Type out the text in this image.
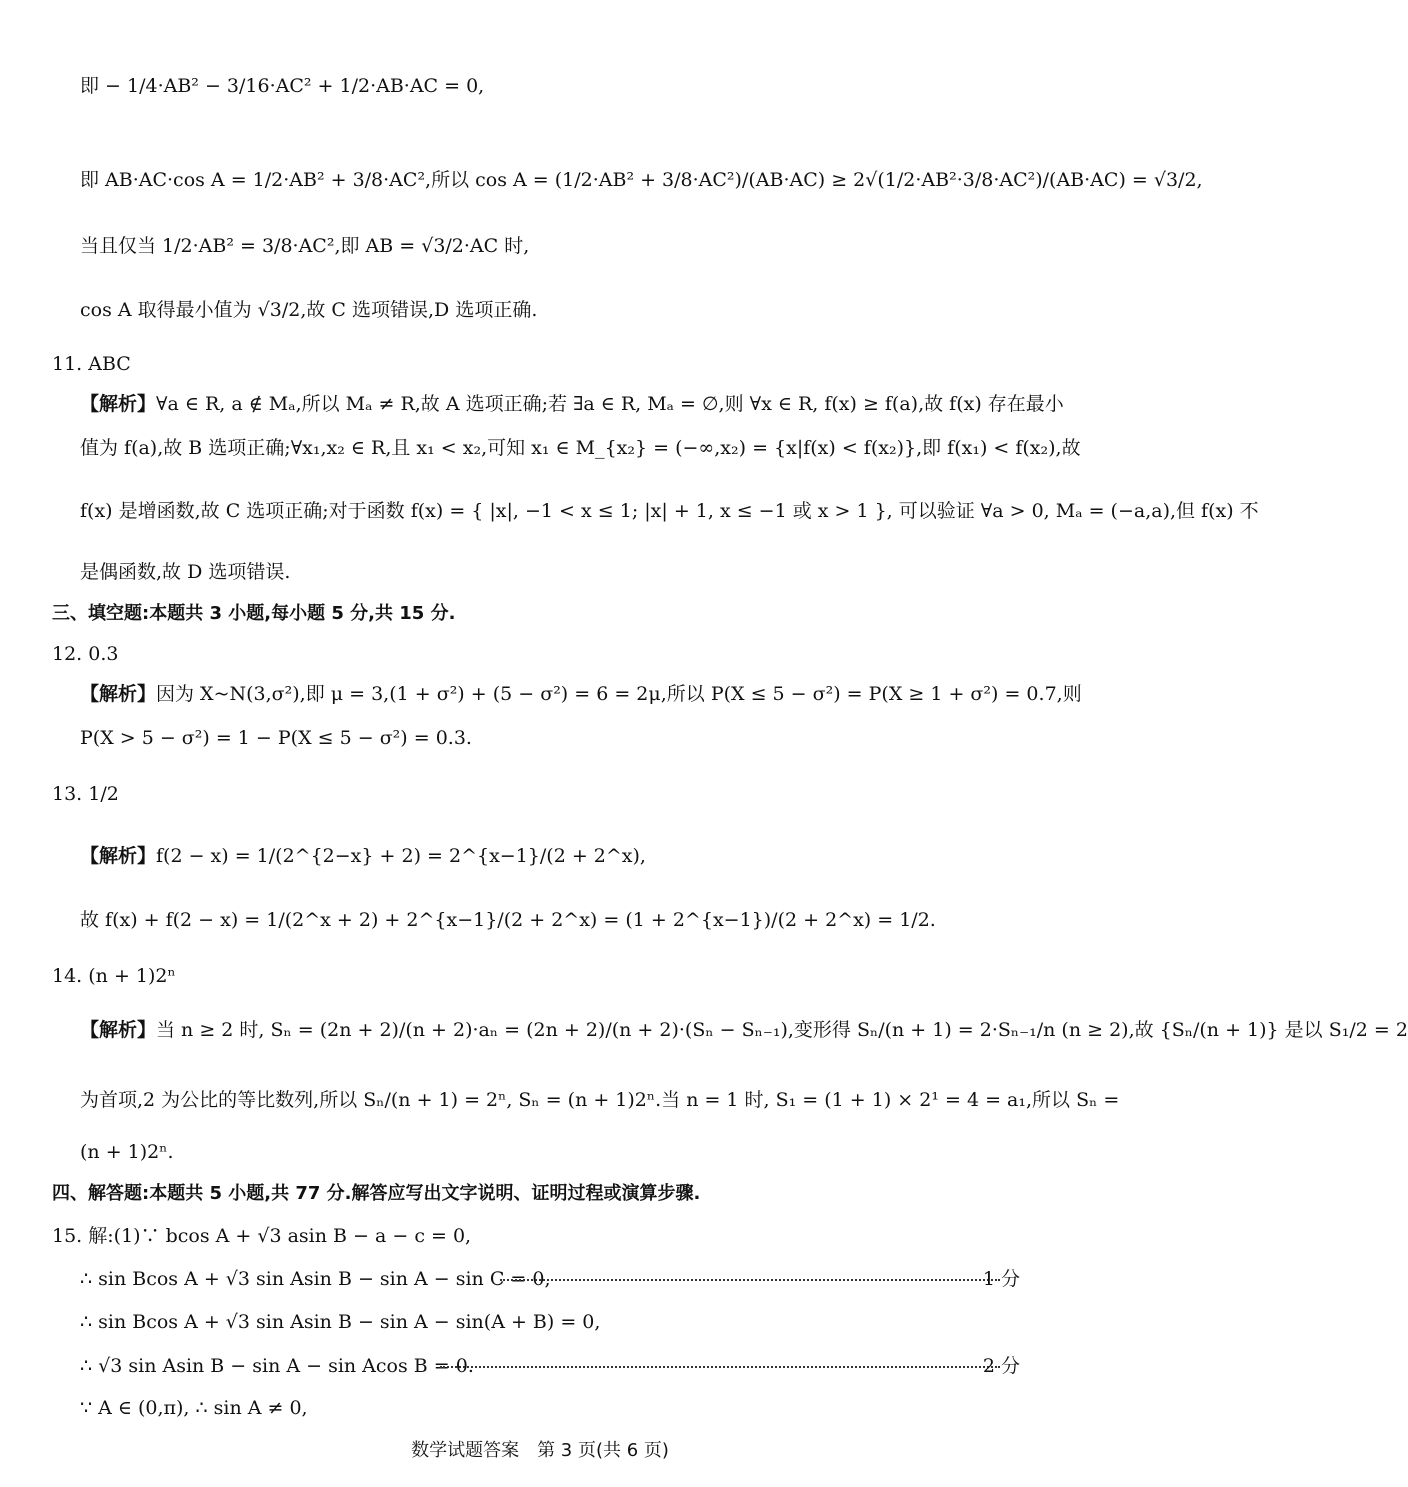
即 − 1/4·AB² − 3/16·AC² + 1/2·AB·AC = 0,
即 AB·AC·cos A = 1/2·AB² + 3/8·AC²,所以 cos A = (1/2·AB² + 3/8·AC²)/(AB·AC) ≥ 2√(1/2·AB²·3/8·AC²)/(AB·AC) = √3/2,
当且仅当 1/2·AB² = 3/8·AC²,即 AB = √3/2·AC 时,
cos A 取得最小值为 √3/2,故 C 选项错误,D 选项正确.
11. ABC
【解析】∀a ∈ R, a ∉ Mₐ,所以 Mₐ ≠ R,故 A 选项正确;若 ∃a ∈ R, Mₐ = ∅,则 ∀x ∈ R, f(x) ≥ f(a),故 f(x) 存在最小
值为 f(a),故 B 选项正确;∀x₁,x₂ ∈ R,且 x₁ < x₂,可知 x₁ ∈ M_{x₂} = (−∞,x₂) = {x|f(x) < f(x₂)},即 f(x₁) < f(x₂),故
f(x) 是增函数,故 C 选项正确;对于函数 f(x) = { |x|, −1 < x ≤ 1; |x| + 1, x ≤ −1 或 x > 1 }, 可以验证 ∀a > 0, Mₐ = (−a,a),但 f(x) 不
是偶函数,故 D 选项错误.
三、填空题:本题共 3 小题,每小题 5 分,共 15 分.
12. 0.3
【解析】因为 X~N(3,σ²),即 μ = 3,(1 + σ²) + (5 − σ²) = 6 = 2μ,所以 P(X ≤ 5 − σ²) = P(X ≥ 1 + σ²) = 0.7,则
P(X > 5 − σ²) = 1 − P(X ≤ 5 − σ²) = 0.3.
13. 1/2
【解析】f(2 − x) = 1/(2^{2−x} + 2) = 2^{x−1}/(2 + 2^x),
故 f(x) + f(2 − x) = 1/(2^x + 2) + 2^{x−1}/(2 + 2^x) = (1 + 2^{x−1})/(2 + 2^x) = 1/2.
14. (n + 1)2ⁿ
【解析】当 n ≥ 2 时, Sₙ = (2n + 2)/(n + 2)·aₙ = (2n + 2)/(n + 2)·(Sₙ − Sₙ₋₁),变形得 Sₙ/(n + 1) = 2·Sₙ₋₁/n (n ≥ 2),故 {Sₙ/(n + 1)} 是以 S₁/2 = 2
为首项,2 为公比的等比数列,所以 Sₙ/(n + 1) = 2ⁿ, Sₙ = (n + 1)2ⁿ.当 n = 1 时, S₁ = (1 + 1) × 2¹ = 4 = a₁,所以 Sₙ =
(n + 1)2ⁿ.
四、解答题:本题共 5 小题,共 77 分.解答应写出文字说明、证明过程或演算步骤.
15. 解:(1)∵ bcos A + √3 asin B − a − c = 0,
∴ sin Bcos A + √3 sin Asin B − sin A − sin C = 0,	1 分
∴ sin Bcos A + √3 sin Asin B − sin A − sin(A + B) = 0,
∴ √3 sin Asin B − sin A − sin Acos B = 0.	2 分
∵ A ∈ (0,π), ∴ sin A ≠ 0,
数学试题答案　第 3 页(共 6 页)
